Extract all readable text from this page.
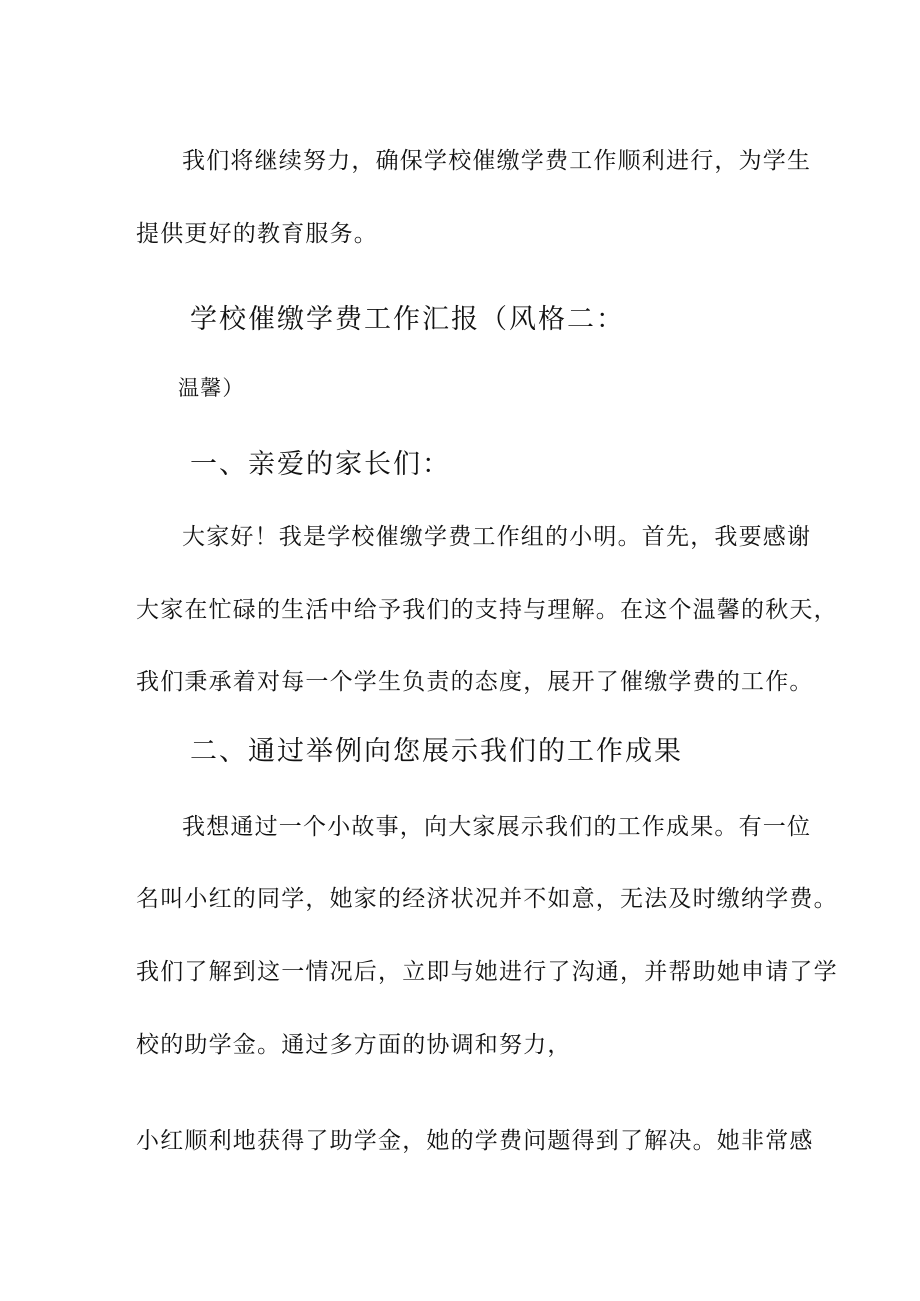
我们将继续努力，确保学校催缴学费工作顺利进行，为学生
提供更好的教育服务。
学校催缴学费工作汇报（风格二：
温馨）
一、亲爱的家长们：
大家好！我是学校催缴学费工作组的小明。首先，我要感谢
大家在忙碌的生活中给予我们的支持与理解。在这个温馨的秋天，
我们秉承着对每一个学生负责的态度，展开了催缴学费的工作。
二、通过举例向您展示我们的工作成果
我想通过一个小故事，向大家展示我们的工作成果。有一位
名叫小红的同学，她家的经济状况并不如意，无法及时缴纳学费。
我们了解到这一情况后，立即与她进行了沟通，并帮助她申请了学
校的助学金。通过多方面的协调和努力，
小红顺利地获得了助学金，她的学费问题得到了解决。她非常感
